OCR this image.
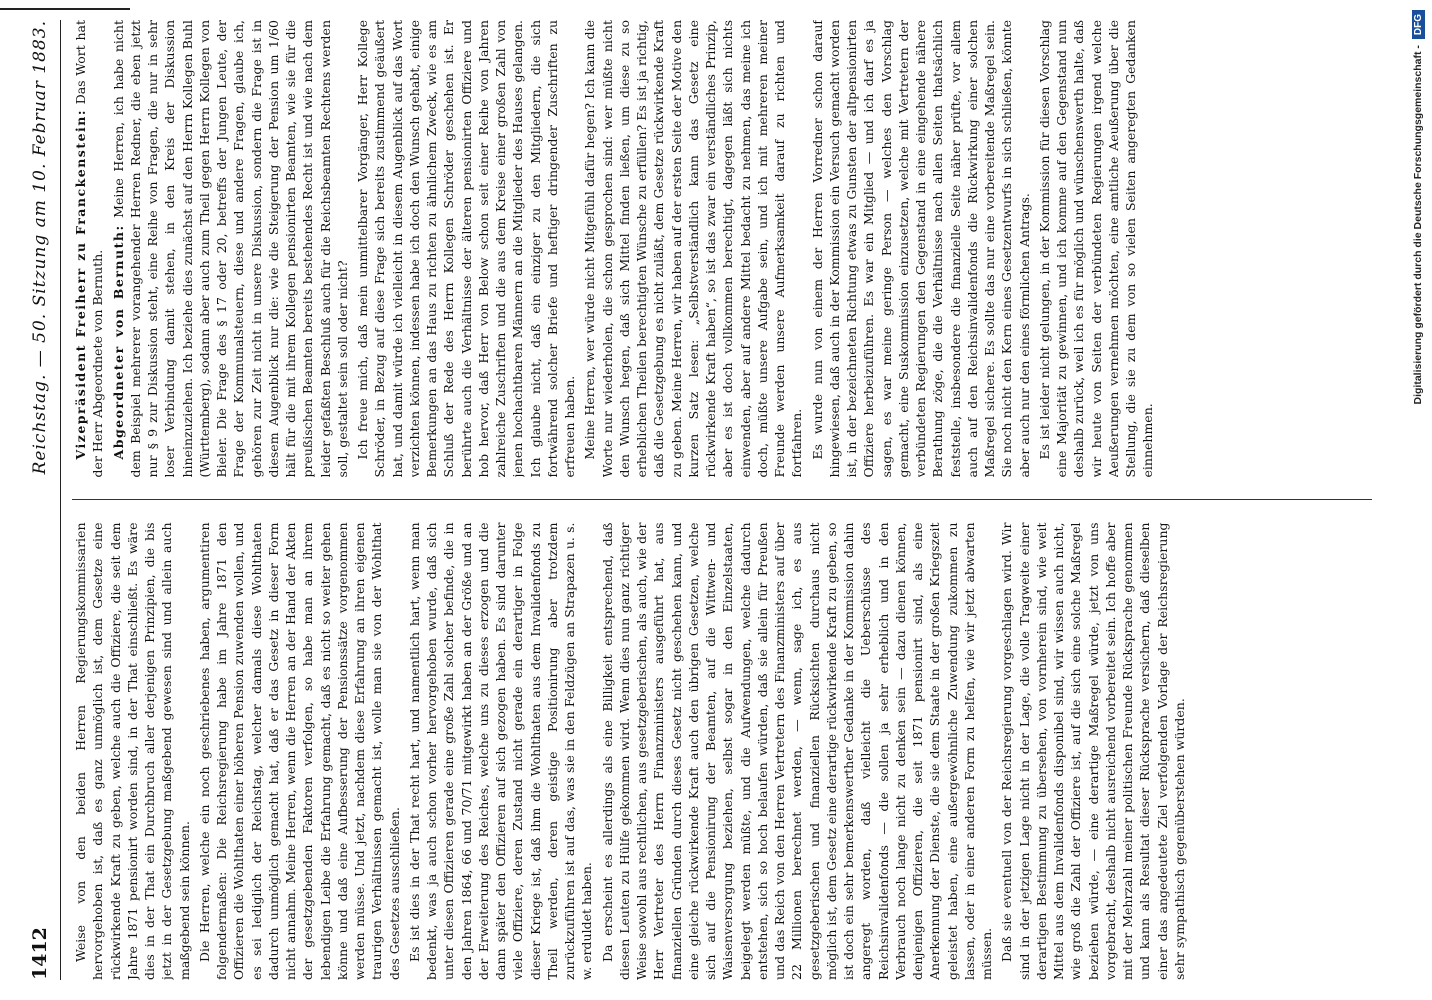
1412
Reichstag. — 50. Sitzung am 10. Februar 1883.

Weise von den beiden Herren Regierungskommissarien hervorgehoben ist, daß es ganz unmöglich ist, dem Gesetze eine rückwirkende Kraft zu geben, welche auch die Offiziere, die seit dem Jahre 1871 pensionirt worden sind, in der That einschließt. Es wäre dies in der That ein Durchbruch aller derjenigen Prinzipien, die bis jetzt in der Gesetzgebung maßgebend gewesen sind und allein auch maßgebend sein können. Die Herren, welche ein noch geschriebenes haben, argumentiren folgendermaßen: Die Reichsregierung habe im Jahre 1871 den Offizieren die Wohlthaten einer höheren Pension zuwenden wollen, und es sei lediglich der Reichstag, welcher damals diese Wohlthaten dadurch unmöglich gemacht hat, daß er das Gesetz in dieser Form nicht annahm. Meine Herren, wenn die Herren an der Hand der Akten der gesetzgebenden Faktoren verfolgen, so habe man an ihrem lebendigen Leibe die Erfahrung gemacht, daß es nicht so weiter gehen könne und daß eine Aufbesserung der Pensionssätze vorgenommen werden müsse. Und jetzt, nachdem diese Erfahrung an ihren eigenen traurigen Verhältnissen gemacht ist, wolle man sie von der Wohlthat des Gesetzes ausschließen. Es ist dies in der That recht hart, und namentlich hart, wenn man bedenkt, was ja auch schon vorher hervorgehoben wurde, daß sich unter diesen Offizieren gerade eine große Zahl solcher befinde, die in den Jahren 1864, 66 und 70/71 mitgewirkt haben an der Größe und an der Erweiterung des Reiches, welche uns zu dieses erzogen und die dann später den Offizieren auf sich gezogen haben. Es sind darunter viele Offiziere, deren Zustand nicht gerade ein derartiger in Folge dieser Kriege ist, daß ihm die Wohlthaten aus dem Invalidenfonds zu Theil werden, deren geistige Positionirung aber trotzdem zurückzuführen ist auf das, was sie in den Feldzügen an Strapazen u. s. w. erduldet haben. Da erscheint es allerdings als eine Billigkeit entsprechend, daß diesen Leuten zu Hülfe gekommen wird. Wenn dies nun ganz richtiger Weise sowohl aus rechtlichen, aus gesetzgeberischen, als auch, wie der Herr Vertreter des Herrn Finanzministers ausgeführt hat, aus finanziellen Gründen durch dieses Gesetz nicht geschehen kann, und eine gleiche rückwirkende Kraft auch den übrigen Gesetzen, welche sich auf die Pensionirung der Beamten, auf die Wittwen- und Waisenversorgung beziehen, selbst sogar in den Einzelstaaten, beigelegt werden müßte, und die Aufwendungen, welche dadurch entstehen, sich so hoch belaufen würden, daß sie allein für Preußen und das Reich von den Herren Vertretern des Finanzministers auf über 22 Millionen berechnet werden, — wenn, sage ich, es aus gesetzgeberischen und finanziellen Rücksichten durchaus nicht möglich ist, dem Gesetz eine derartige rückwirkende Kraft zu geben, so ist doch ein sehr bemerkenswerther Gedanke in der Kommission dahin angeregt worden, daß vielleicht die Ueberschüsse des Reichsinvalidenfonds — die sollen ja sehr erheblich und in den Verbrauch noch lange nicht zu denken sein — dazu dienen können, denjenigen Offizieren, die seit 1871 pensionirt sind, als eine Anerkennung der Dienste, die sie dem Staate in der großen Kriegszeit geleistet haben, eine außergewöhnliche Zuwendung zukommen zu lassen, oder in einer anderen Form zu helfen, wie wir jetzt abwarten müssen. Daß sie eventuell von der Reichsregierung vorgeschlagen wird. Wir sind in der jetzigen Lage nicht in der Lage, die volle Tragweite einer derartigen Bestimmung zu übersehen, von vornherein sind, wie weit Mittel aus dem Invalidenfonds disponibel sind, wir wissen auch nicht, wie groß die Zahl der Offiziere ist, auf die sich eine solche Maßregel beziehen würde, — eine derartige Maßregel würde, jetzt von uns vorgebracht, deshalb nicht ausreichend vorbereitet sein. Ich hoffe aber mit der Mehrzahl meiner politischen Freunde Rücksprache genommen und kann als Resultat dieser Rücksprache versichern, daß dieselben einer das angedeutete Ziel verfolgenden Vorlage der Reichsregierung sehr sympathisch gegenüberstehen würden.

Vizepräsident Freiherr zu Franckenstein: Das Wort hat der Herr Abgeordnete von Bernuth. Abgeordneter von Bernuth: Meine Herren, ich habe nicht dem Beispiel mehrerer vorangehender Herren Redner, die eben jetzt nur § 9 zur Diskussion steht, eine Reihe von Fragen, die nur in sehr loser Verbindung damit stehen, in den Kreis der Diskussion hineinzuziehen. Ich beziehe dies zunächst auf den Herrn Kollegen Buhl (Württemberg), sodann aber auch zum Theil gegen Herrn Kollegen von Bieler. Die Frage des § 17 oder 20, betreffs der Jungen Leute, der Frage der Kommunalsteuern, diese und andere Fragen, glaube ich, gehören zur Zeit nicht in unsere Diskussion, sondern die Frage ist in diesem Augenblick nur die: wie die Steigerung der Pension um 1/60 hält für die mit ihrem Kollegen pensionirten Beamten, wie sie für die preußischen Beamten bereits bestehendes Recht ist und wie nach dem leider gefaßten Beschluß auch für die Reichsbeamten Rechtens werden soll, gestaltet sein soll oder nicht? Ich freue mich, daß mein unmittelbarer Vorgänger, Herr Kollege Schröder, in Bezug auf diese Frage sich bereits zustimmend geäußert hat, und damit würde ich vielleicht in diesem Augenblick auf das Wort verzichten können, indessen habe ich doch den Wunsch gehabt, einige Bemerkungen an das Haus zu richten zu ähnlichem Zweck, wie es am Schluß der Rede des Herrn Kollegen Schröder geschehen ist. Er berührte auch die Verhältnisse der älteren pensionirten Offiziere und hob hervor, daß Herr von Below schon seit einer Reihe von Jahren zahlreiche Zuschriften und die aus dem Kreise einer großen Zahl von jenen hochachtbaren Männern an die Mitglieder des Hauses gelangen. Ich glaube nicht, daß ein einziger zu den Mitgliedern, die sich fortwährend solcher Briefe und heftiger dringender Zuschriften zu erfreuen haben. Meine Herren, wer würde nicht Mitgefühl dafür hegen? Ich kann die Worte nur wiederholen, die schon gesprochen sind: wer müßte nicht den Wunsch hegen, daß sich Mittel finden ließen, um diese zu so erheblichen Theilen berechtigten Wünsche zu erfüllen? Es ist ja richtig, daß die Gesetzgebung es nicht zuläßt, dem Gesetze rückwirkende Kraft zu geben. Meine Herren, wir haben auf der ersten Seite der Motive den kurzen Satz lesen: „Selbstverständlich kann das Gesetz eine rückwirkende Kraft haben“, so ist das zwar ein verständliches Prinzip, aber es ist doch vollkommen berechtigt, dagegen läßt sich nichts einwenden, aber auf andere Mittel bedacht zu nehmen, das meine ich doch, müßte unsere Aufgabe sein, und ich mit mehreren meiner Freunde werden unsere Aufmerksamkeit darauf zu richten und fortfahren. Es wurde nun von einem der Herren Vorredner schon darauf hingewiesen, daß auch in der Kommission ein Versuch gemacht worden ist, in der bezeichneten Richtung etwas zu Gunsten der altpensionirten Offiziere herbeizuführen. Es war ein Mitglied — und ich darf es ja sagen, es war meine geringe Person — welches den Vorschlag gemacht, eine Suskommission einzusetzen, welche mit Vertretern der verbündeten Regierungen den Gegenstand in eine eingehende nähere Berathung zöge, die die Verhältnisse nach allen Seiten thatsächlich feststelle, insbesondere die finanzielle Seite näher prüfte, vor allem auch auf den Reichsinvalidenfonds die Rückwirkung einer solchen Maßregel sichere. Es sollte das nur eine vorbereitende Maßregel sein. Sie noch nicht den Kern eines Gesetzentwurfs in sich schließen, könnte aber auch nur den eines förmlichen Antrags. Es ist leider nicht gelungen, in der Kommission für diesen Vorschlag eine Majorität zu gewinnen, und ich komme auf den Gegenstand nun deshalb zurück, weil ich es für möglich und wünschenswerth halte, daß wir heute von Seiten der verbündeten Regierungen irgend welche Aeußerungen vernehmen möchten, eine amtliche Aeußerung über die Stellung, die sie zu dem von so vielen Seiten angeregten Gedanken einnehmen.

Digitalisierung gefördert durch die Deutsche Forschungsgemeinschaft -
DFG
